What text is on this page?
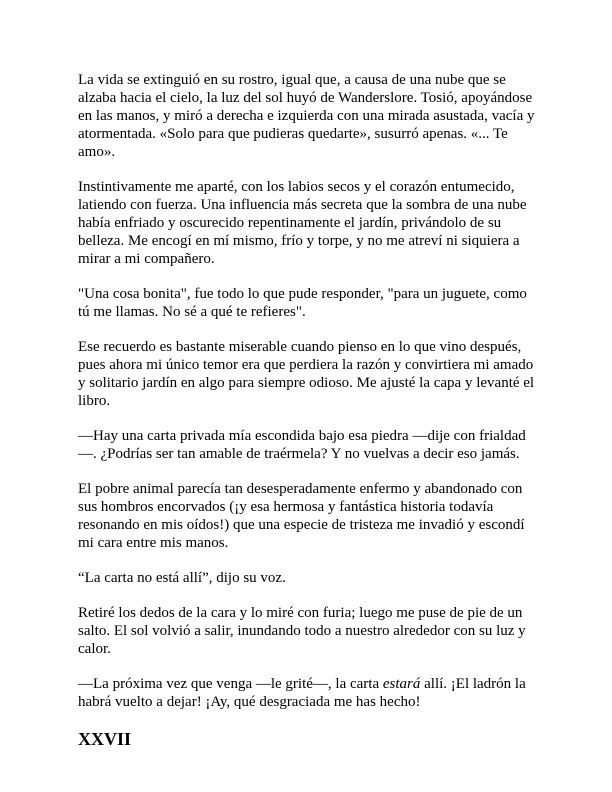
La vida se extinguió en su rostro, igual que, a causa de una nube que se alzaba hacia el cielo, la luz del sol huyó de Wanderslore. Tosió, apoyándose en las manos, y miró a derecha e izquierda con una mirada asustada, vacía y atormentada. «Solo para que pudieras quedarte», susurró apenas. «... Te amo».

Instintivamente me aparté, con los labios secos y el corazón entumecido, latiendo con fuerza. Una influencia más secreta que la sombra de una nube había enfriado y oscurecido repentinamente el jardín, privándolo de su belleza. Me encogí en mí mismo, frío y torpe, y no me atreví ni siquiera a mirar a mi compañero.

"Una cosa bonita", fue todo lo que pude responder, "para un juguete, como tú me llamas. No sé a qué te refieres".

Ese recuerdo es bastante miserable cuando pienso en lo que vino después, pues ahora mi único temor era que perdiera la razón y convirtiera mi amado y solitario jardín en algo para siempre odioso. Me ajusté la capa y levanté el libro.

—Hay una carta privada mía escondida bajo esa piedra —dije con frialdad —. ¿Podrías ser tan amable de traérmela? Y no vuelvas a decir eso jamás.

El pobre animal parecía tan desesperadamente enfermo y abandonado con sus hombros encorvados (¡y esa hermosa y fantástica historia todavía resonando en mis oídos!) que una especie de tristeza me invadió y escondí mi cara entre mis manos.

“La carta no está allí”, dijo su voz.

Retiré los dedos de la cara y lo miré con furia; luego me puse de pie de un salto. El sol volvió a salir, inundando todo a nuestro alrededor con su luz y calor.

—La próxima vez que venga —le grité—, la carta estará allí. ¡El ladrón la habrá vuelto a dejar! ¡Ay, qué desgraciada me has hecho!

XXVII
